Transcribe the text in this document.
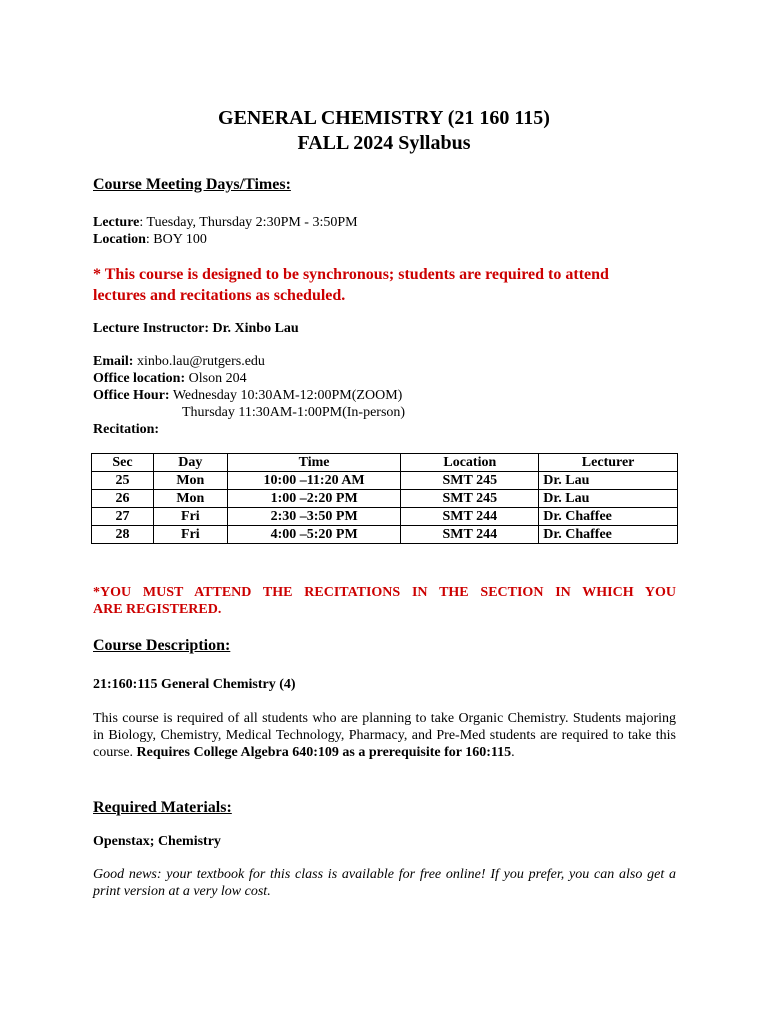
GENERAL CHEMISTRY (21 160 115)
FALL 2024 Syllabus
Course Meeting Days/Times:
Lecture: Tuesday, Thursday 2:30PM - 3:50PM
Location: BOY 100
* This course is designed to be synchronous; students are required to attend
lectures and recitations as scheduled.
Lecture Instructor: Dr. Xinbo Lau
Email: xinbo.lau@rutgers.edu
Office location: Olson 204
Office Hour: Wednesday 10:30AM-12:00PM(ZOOM)
Thursday 11:30AM-1:00PM(In-person)
Recitation:
Sec	Day	Time	Location	Lecturer
25	Mon	10:00 –11:20 AM	SMT 245	Dr. Lau
26	Mon	1:00 –2:20 PM	SMT 245	Dr. Lau
27	Fri	2:30 –3:50 PM	SMT 244	Dr. Chaffee
28	Fri	4:00 –5:20 PM	SMT 244	Dr. Chaffee
*YOU MUST ATTEND THE RECITATIONS IN THE SECTION IN WHICH YOU
ARE REGISTERED.
Course Description:
21:160:115 General Chemistry (4)
This course is required of all students who are planning to take Organic Chemistry. Students majoring in Biology, Chemistry, Medical Technology, Pharmacy, and Pre-Med students are required to take this course. Requires College Algebra 640:109 as a prerequisite for 160:115.
Required Materials:
Openstax; Chemistry
Good news: your textbook for this class is available for free online! If you prefer, you can also get a print version at a very low cost.
